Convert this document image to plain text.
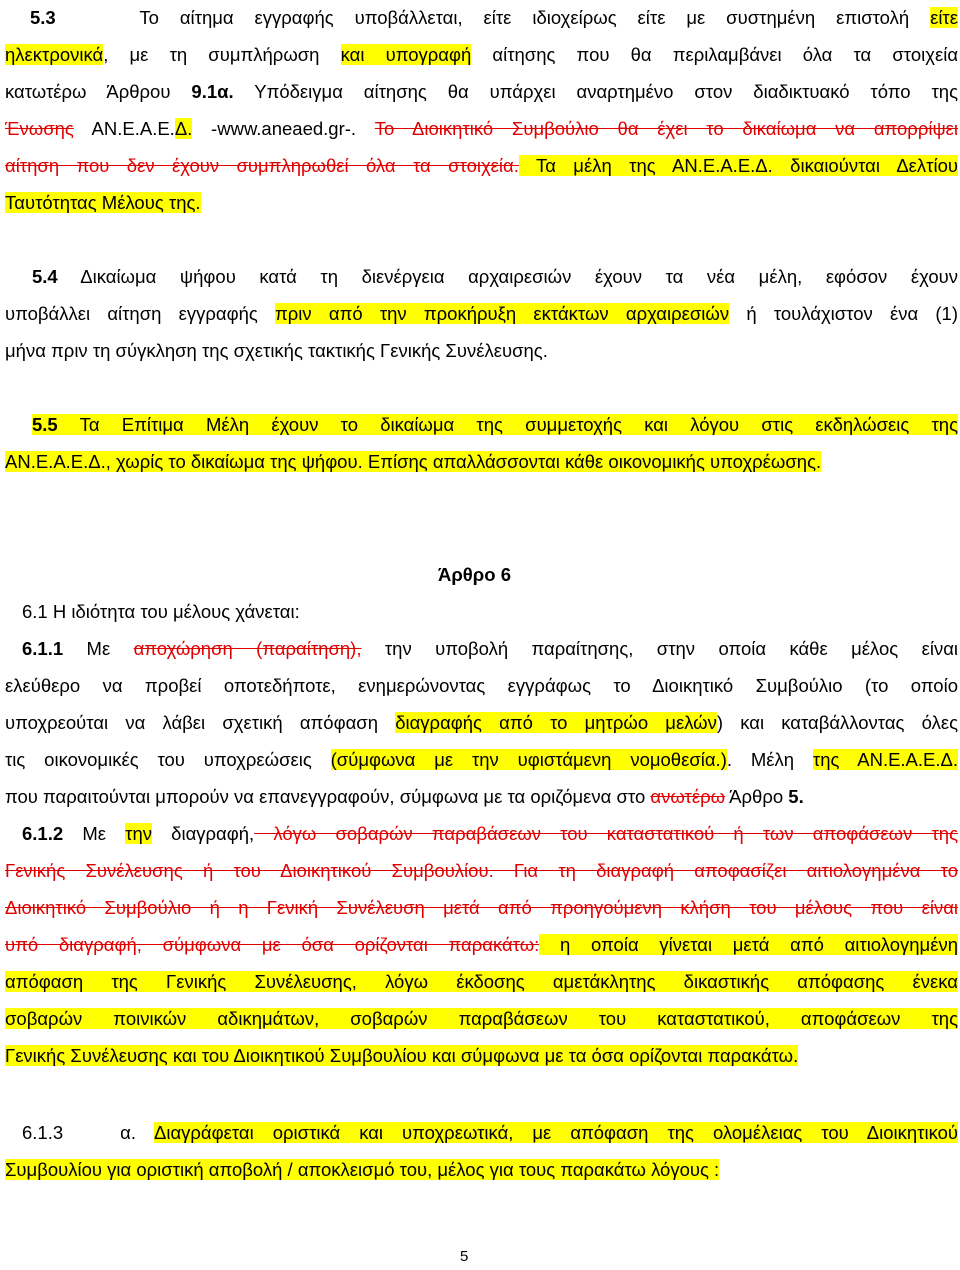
5.3	Το αίτημα εγγραφής υποβάλλεται, είτε ιδιοχείρως είτε με συστημένη επιστολή είτε
ηλεκτρονικά, με τη συμπλήρωση και υπογραφή αίτησης που θα περιλαμβάνει όλα τα στοιχεία
κατωτέρω Άρθρου 9.1α. Υπόδειγμα αίτησης θα υπάρχει αναρτημένο στον διαδικτυακό τόπο της
Ένωσης ΑΝ.Ε.Α.Ε.Δ. -www.aneaed.gr-. Το Διοικητικό Συμβούλιο θα έχει το δικαίωμα να απορρίψει
αίτηση που δεν έχουν συμπληρωθεί όλα τα στοιχεία. Τα μέλη της ΑΝ.Ε.Α.Ε.Δ. δικαιούνται Δελτίου
Ταυτότητας Μέλους της.
5.4 Δικαίωμα ψήφου κατά τη διενέργεια αρχαιρεσιών έχουν τα νέα μέλη, εφόσον έχουν
υποβάλλει αίτηση εγγραφής πριν από την προκήρυξη εκτάκτων αρχαιρεσιών ή τουλάχιστον ένα (1)
μήνα πριν τη σύγκληση της σχετικής τακτικής Γενικής Συνέλευσης.
5.5 Τα Επίτιμα Μέλη έχουν το δικαίωμα της συμμετοχής και λόγου στις εκδηλώσεις της
ΑΝ.Ε.Α.Ε.Δ., χωρίς το δικαίωμα της ψήφου. Επίσης απαλλάσσονται κάθε οικονομικής υποχρέωσης.
Άρθρο 6
6.1 Η ιδιότητα του μέλους χάνεται:
6.1.1 Με αποχώρηση (παραίτηση), την υποβολή παραίτησης, στην οποία κάθε μέλος είναι
ελεύθερο να προβεί οποτεδήποτε, ενημερώνοντας εγγράφως το Διοικητικό Συμβούλιο (το οποίο
υποχρεούται να λάβει σχετική απόφαση διαγραφής από το μητρώο μελών) και καταβάλλοντας όλες
τις οικονομικές του υποχρεώσεις (σύμφωνα με την υφιστάμενη νομοθεσία.). Μέλη της ΑΝ.Ε.Α.Ε.Δ.
που παραιτούνται μπορούν να επανεγγραφούν, σύμφωνα με τα οριζόμενα στο ανωτέρω Άρθρο 5.
6.1.2 Με την διαγραφή, λόγω σοβαρών παραβάσεων του καταστατικού ή των αποφάσεων της
Γενικής Συνέλευσης ή του Διοικητικού Συμβουλίου. Για τη διαγραφή αποφασίζει αιτιολογημένα το
Διοικητικό Συμβούλιο ή η Γενική Συνέλευση μετά από προηγούμενη κλήση του μέλους που είναι
υπό διαγραφή, σύμφωνα με όσα ορίζονται παρακάτω: η οποία γίνεται μετά από αιτιολογημένη
απόφαση της Γενικής Συνέλευσης, λόγω έκδοσης αμετάκλητης δικαστικής απόφασης ένεκα
σοβαρών ποινικών αδικημάτων, σοβαρών παραβάσεων του καταστατικού, αποφάσεων της
Γενικής Συνέλευσης και του Διοικητικού Συμβουλίου και σύμφωνα με τα όσα ορίζονται παρακάτω.
6.1.3	α. Διαγράφεται οριστικά και υποχρεωτικά, με απόφαση της ολομέλειας του Διοικητικού
Συμβουλίου για οριστική αποβολή / αποκλεισμό του, μέλος για τους παρακάτω λόγους :
5
